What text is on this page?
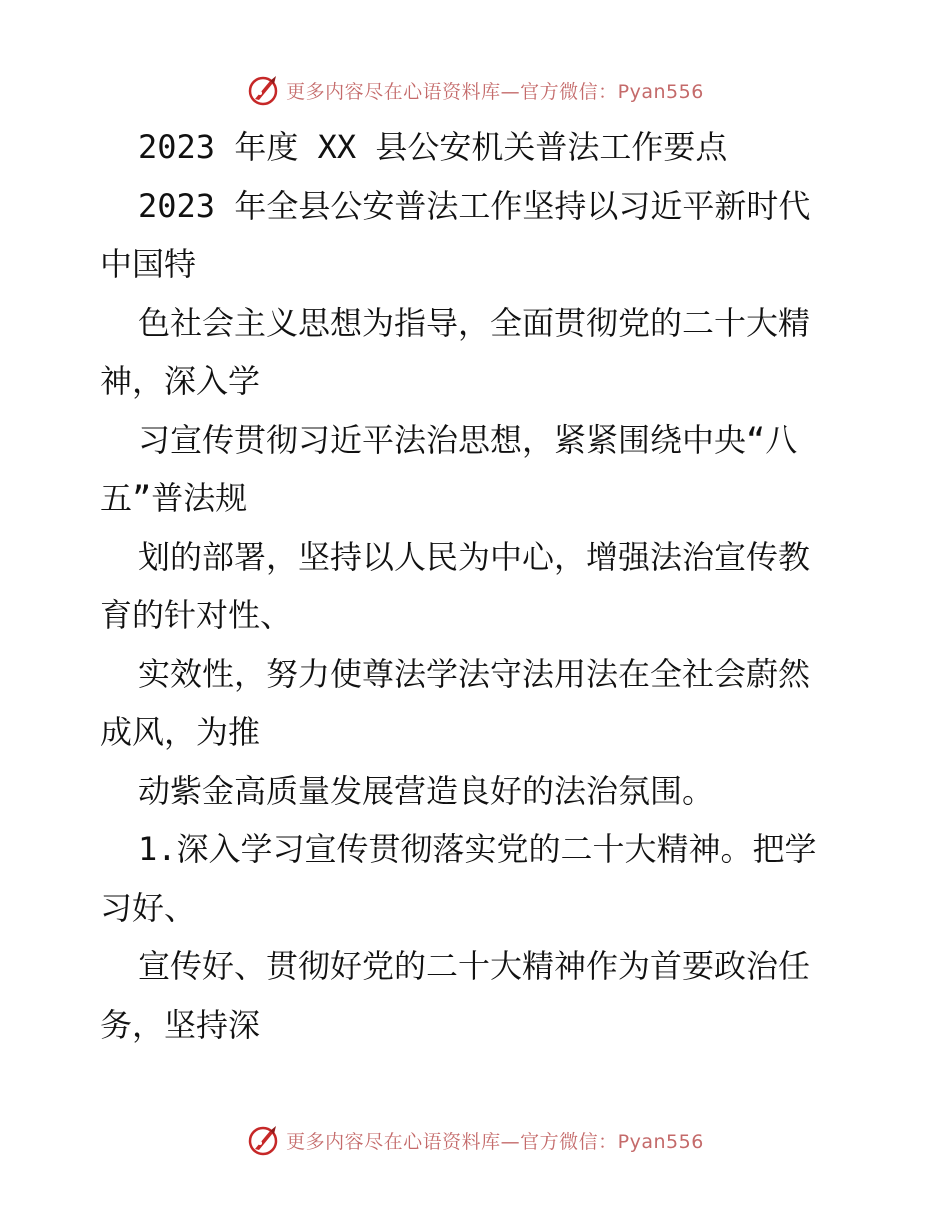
更多内容尽在心语资料库—官方微信：Pyan556
2023 年度 XX 县公安机关普法工作要点
2023 年全县公安普法工作坚持以习近平新时代
中国特
色社会主义思想为指导，全面贯彻党的二十大精
神，深入学
习宣传贯彻习近平法治思想，紧紧围绕中央“八
五”普法规
划的部署，坚持以人民为中心，增强法治宣传教
育的针对性、
实效性，努力使尊法学法守法用法在全社会蔚然
成风，为推
动紫金高质量发展营造良好的法治氛围。
1.深入学习宣传贯彻落实党的二十大精神。把学
习好、
宣传好、贯彻好党的二十大精神作为首要政治任
务，坚持深
更多内容尽在心语资料库—官方微信：Pyan556
